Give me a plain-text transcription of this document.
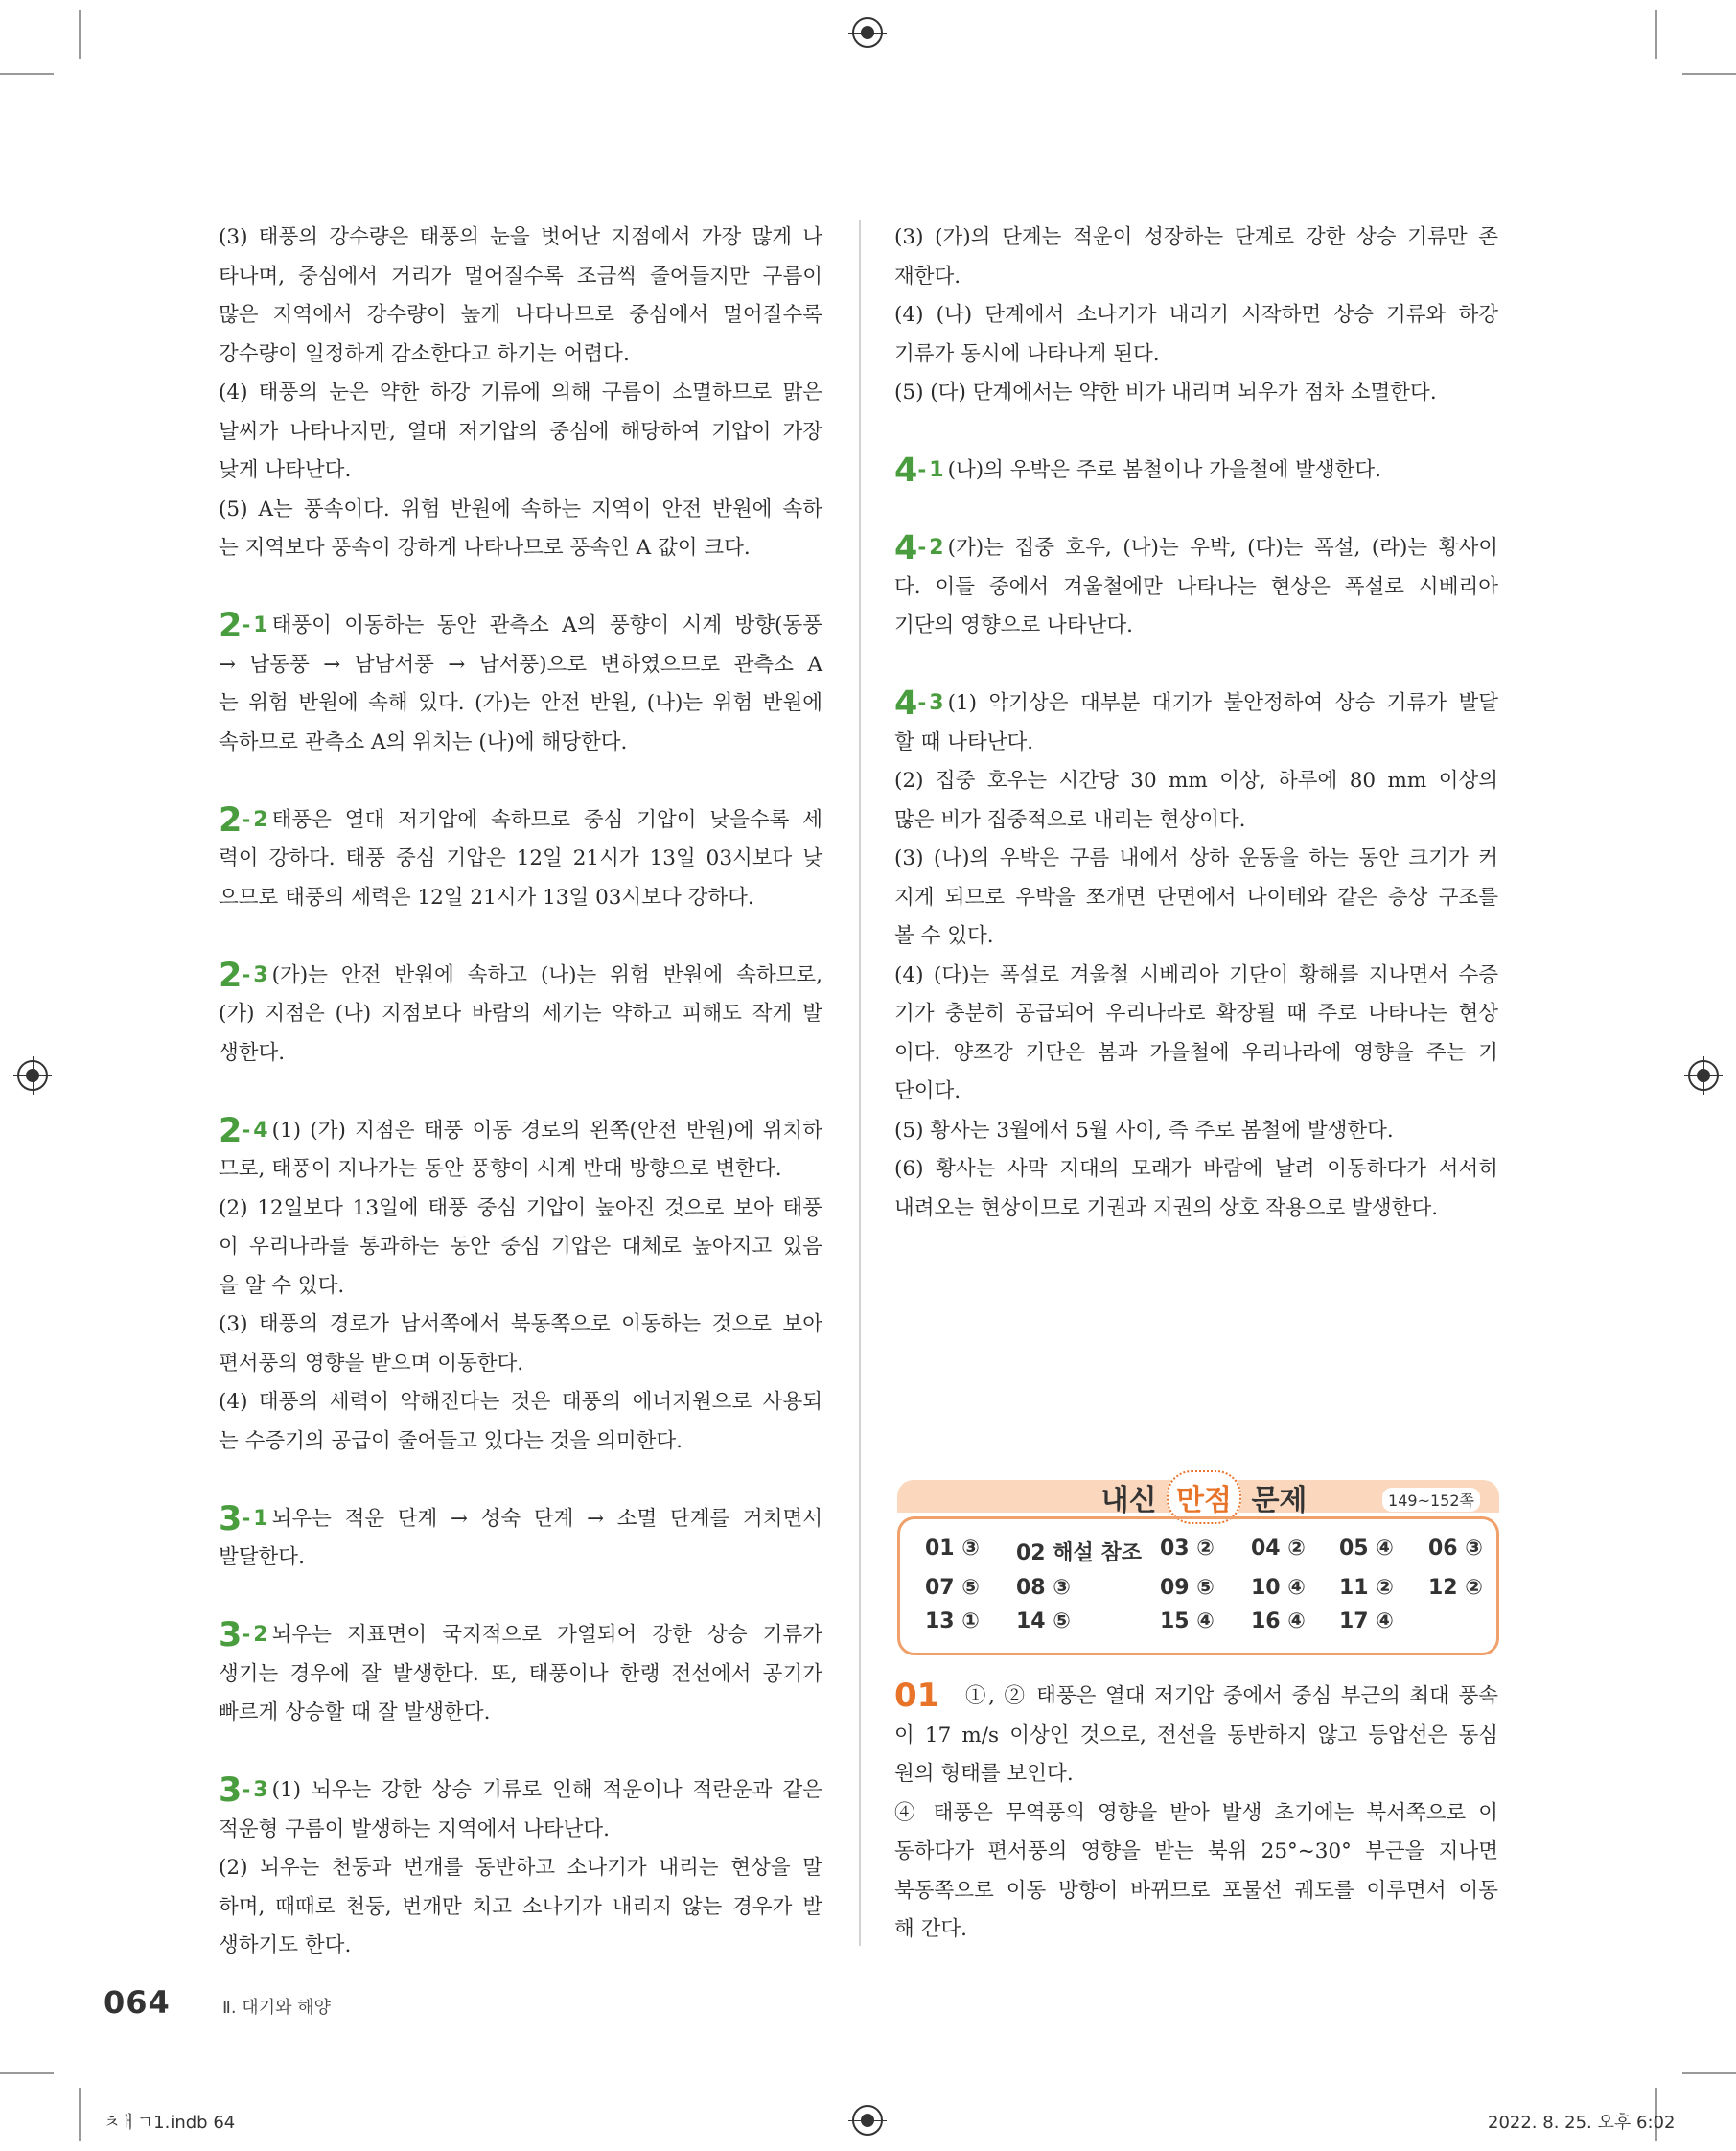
(3) 태풍의 강수량은 태풍의 눈을 벗어난 지점에서 가장 많게 나

타나며, 중심에서 거리가 멀어질수록 조금씩 줄어들지만 구름이

많은 지역에서 강수량이 높게 나타나므로 중심에서 멀어질수록

강수량이 일정하게 감소한다고 하기는 어렵다.

(4) 태풍의 눈은 약한 하강 기류에 의해 구름이 소멸하므로 맑은

날씨가 나타나지만, 열대 저기압의 중심에 해당하여 기압이 가장

낮게 나타난다.

(5) A는 풍속이다. 위험 반원에 속하는 지역이 안전 반원에 속하

는 지역보다 풍속이 강하게 나타나므로 풍속인 A 값이 크다.

2- 1 태풍이 이동하는 동안 관측소 A의 풍향이 시계 방향(동풍

→ 남동풍 → 남남서풍 → 남서풍)으로 변하였으므로 관측소 A

는 위험 반원에 속해 있다. (가)는 안전 반원, (나)는 위험 반원에

속하므로 관측소 A의 위치는 (나)에 해당한다.

2- 2 태풍은 열대 저기압에 속하므로 중심 기압이 낮을수록 세

력이 강하다. 태풍 중심 기압은 12일 21시가 13일 03시보다 낮

으므로 태풍의 세력은 12일 21시가 13일 03시보다 강하다.

2- 3 (가)는 안전 반원에 속하고 (나)는 위험 반원에 속하므로,

(가) 지점은 (나) 지점보다 바람의 세기는 약하고 피해도 작게 발

생한다.

2- 4 (1) (가) 지점은 태풍 이동 경로의 왼쪽(안전 반원)에 위치하

므로, 태풍이 지나가는 동안 풍향이 시계 반대 방향으로 변한다.

(2) 12일보다 13일에 태풍 중심 기압이 높아진 것으로 보아 태풍

이 우리나라를 통과하는 동안 중심 기압은 대체로 높아지고 있음

을 알 수 있다.

(3) 태풍의 경로가 남서쪽에서 북동쪽으로 이동하는 것으로 보아

편서풍의 영향을 받으며 이동한다.

(4) 태풍의 세력이 약해진다는 것은 태풍의 에너지원으로 사용되

는 수증기의 공급이 줄어들고 있다는 것을 의미한다.

3- 1 뇌우는 적운 단계 → 성숙 단계 → 소멸 단계를 거치면서

발달한다.

3- 2 뇌우는 지표면이 국지적으로 가열되어 강한 상승 기류가

생기는 경우에 잘 발생한다. 또, 태풍이나 한랭 전선에서 공기가

빠르게 상승할 때 잘 발생한다.

3- 3 (1) 뇌우는 강한 상승 기류로 인해 적운이나 적란운과 같은

적운형 구름이 발생하는 지역에서 나타난다.

(2) 뇌우는 천둥과 번개를 동반하고 소나기가 내리는 현상을 말

하며, 때때로 천둥, 번개만 치고 소나기가 내리지 않는 경우가 발

생하기도 한다.

(3) (가)의 단계는 적운이 성장하는 단계로 강한 상승 기류만 존

재한다.

(4) (나) 단계에서 소나기가 내리기 시작하면 상승 기류와 하강

기류가 동시에 나타나게 된다.

(5) (다) 단계에서는 약한 비가 내리며 뇌우가 점차 소멸한다.

4- 1 (나)의 우박은 주로 봄철이나 가을철에 발생한다.

4- 2 (가)는 집중 호우, (나)는 우박, (다)는 폭설, (라)는 황사이

다. 이들 중에서 겨울철에만 나타나는 현상은 폭설로 시베리아

기단의 영향으로 나타난다.

4- 3 (1) 악기상은 대부분 대기가 불안정하여 상승 기류가 발달

할 때 나타난다.

(2) 집중 호우는 시간당 30 mm 이상, 하루에 80 mm 이상의

많은 비가 집중적으로 내리는 현상이다.

(3) (나)의 우박은 구름 내에서 상하 운동을 하는 동안 크기가 커

지게 되므로 우박을 쪼개면 단면에서 나이테와 같은 층상 구조를

볼 수 있다.

(4) (다)는 폭설로 겨울철 시베리아 기단이 황해를 지나면서 수증

기가 충분히 공급되어 우리나라로 확장될 때 주로 나타나는 현상

이다. 양쯔강 기단은 봄과 가을철에 우리나라에 영향을 주는 기

단이다.

(5) 황사는 3월에서 5월 사이, 즉 주로 봄철에 발생한다.

(6) 황사는 사막 지대의 모래가 바람에 날려 이동하다가 서서히

내려오는 현상이므로 기권과 지권의 상호 작용으로 발생한다.

내신 만점 문제	149~152쪽
01 ③	02 해설 참조 03 ②	04 ②	05 ④	06 ③
07 ⑤	08 ③	09 ⑤	10 ④	11 ②	12 ②
13 ①	14 ⑤	15 ④	16 ④	17 ④

01 ①, ② 태풍은 열대 저기압 중에서 중심 부근의 최대 풍속

이 17 m/s 이상인 것으로, 전선을 동반하지 않고 등압선은 동심

원의 형태를 보인다.

④ 태풍은 무역풍의 영향을 받아 발생 초기에는 북서쪽으로 이

동하다가 편서풍의 영향을 받는 북위 25°~30° 부근을 지나면

북동쪽으로 이동 방향이 바뀌므로 포물선 궤도를 이루면서 이동

해 간다.

064	Ⅱ. 대기와 해양
ㅊㅐㄱ1.indb 64	2022. 8. 25. 오후 6:02
